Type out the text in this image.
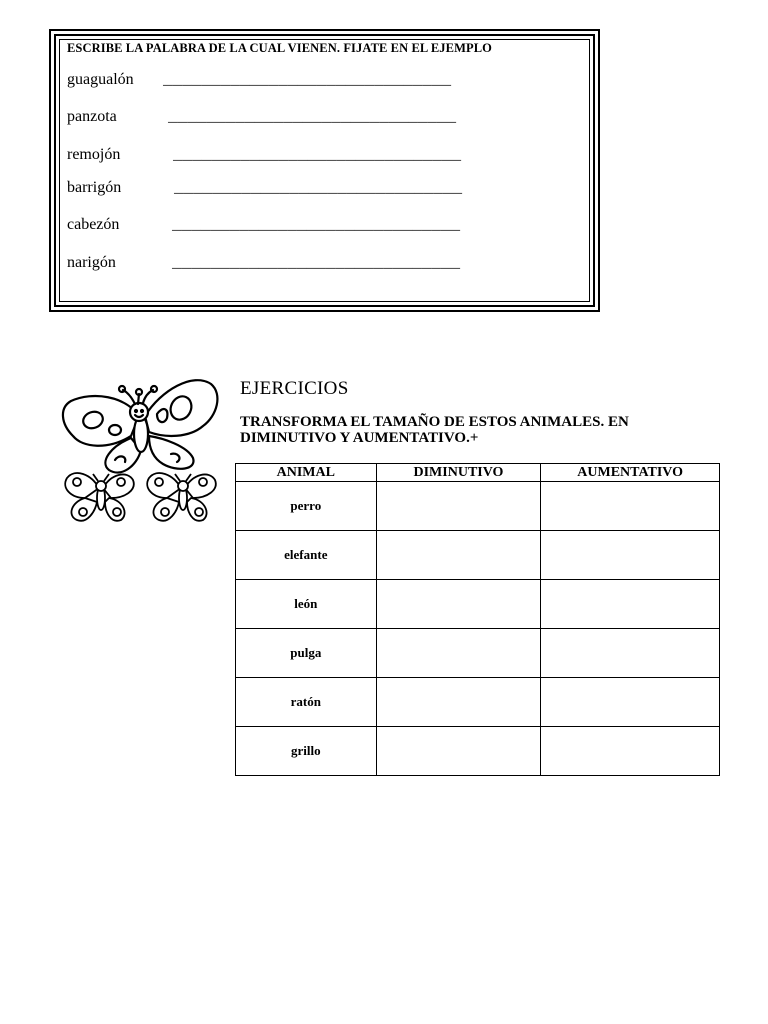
ESCRIBE LA PALABRA DE LA CUAL VIENEN. FIJATE EN EL EJEMPLO
guagualón ______________________________
panzota	______________________________
remojón	______________________________
barrigón	______________________________
cabezón	______________________________
narigón	______________________________
EJERCICIOS
TRANSFORMA EL TAMAÑO DE ESTOS ANIMALES. EN DIMINUTIVO Y AUMENTATIVO.+
ANIMAL	DIMINUTIVO	AUMENTATIVO
perro		
elefante		
león		
pulga		
ratón		
grillo		
